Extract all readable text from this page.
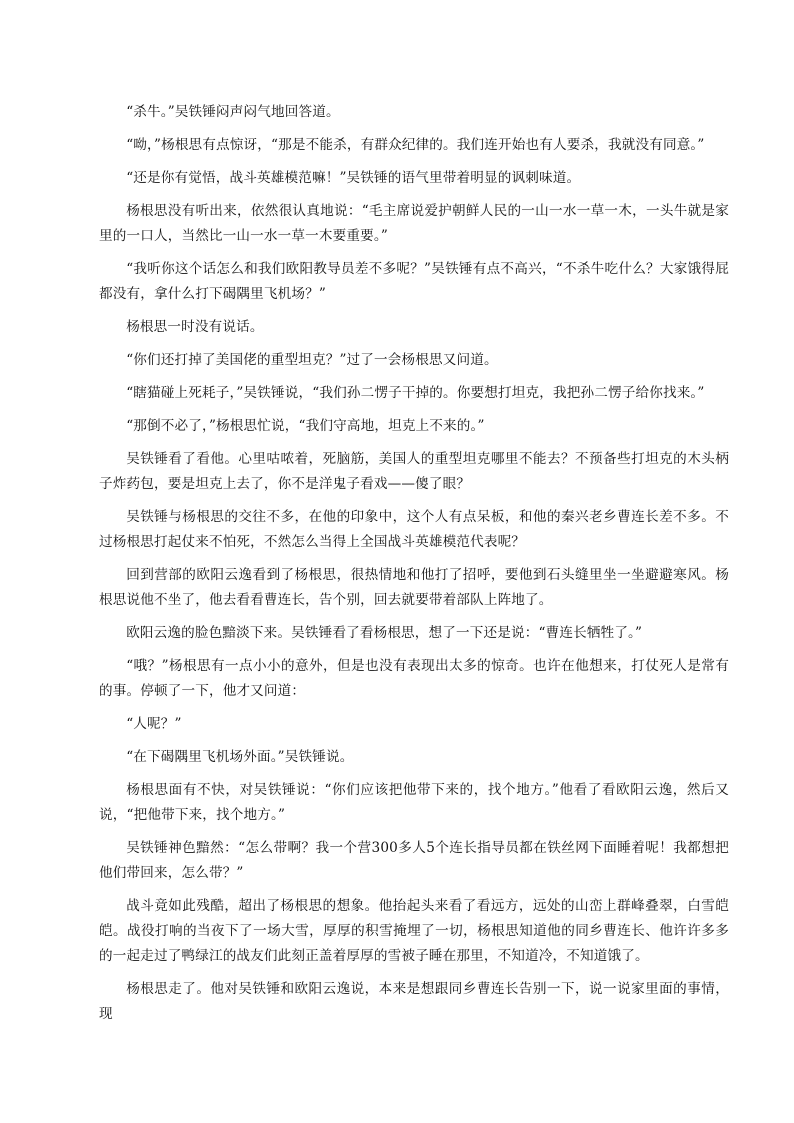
“杀牛。”吴铁锤闷声闷气地回答道。

“呦，”杨根思有点惊讶，“那是不能杀，有群众纪律的。我们连开始也有人要杀，我就没有同意。”

“还是你有觉悟，战斗英雄模范嘛！”吴铁锤的语气里带着明显的讽刺味道。

杨根思没有听出来，依然很认真地说：“毛主席说爱护朝鲜人民的一山一水一草一木，一头牛就是家里的一口人，当然比一山一水一草一木要重要。”

“我听你这个话怎么和我们欧阳教导员差不多呢？”吴铁锤有点不高兴，“不杀牛吃什么？大家饿得屁都没有，拿什么打下碣隅里飞机场？”

杨根思一时没有说话。

“你们还打掉了美国佬的重型坦克？”过了一会杨根思又问道。

“瞎猫碰上死耗子，”吴铁锤说，“我们孙二愣子干掉的。你要想打坦克，我把孙二愣子给你找来。”

“那倒不必了，”杨根思忙说，“我们守高地，坦克上不来的。”

吴铁锤看了看他。心里咕哝着，死脑筋，美国人的重型坦克哪里不能去？不预备些打坦克的木头柄子炸药包，要是坦克上去了，你不是洋鬼子看戏——傻了眼？

吴铁锤与杨根思的交往不多，在他的印象中，这个人有点呆板，和他的秦兴老乡曹连长差不多。不过杨根思打起仗来不怕死，不然怎么当得上全国战斗英雄模范代表呢？

回到营部的欧阳云逸看到了杨根思，很热情地和他打了招呼，要他到石头缝里坐一坐避避寒风。杨根思说他不坐了，他去看看曹连长，告个别，回去就要带着部队上阵地了。

欧阳云逸的脸色黯淡下来。吴铁锤看了看杨根思，想了一下还是说：“曹连长牺牲了。”

“哦？”杨根思有一点小小的意外，但是也没有表现出太多的惊奇。也许在他想来，打仗死人是常有的事。停顿了一下，他才又问道：

“人呢？”

“在下碣隅里飞机场外面。”吴铁锤说。

杨根思面有不快，对吴铁锤说：“你们应该把他带下来的，找个地方。”他看了看欧阳云逸，然后又说，“把他带下来，找个地方。”

吴铁锤神色黯然：“怎么带啊？我一个营300多人5个连长指导员都在铁丝网下面睡着呢！我都想把他们带回来，怎么带？”

战斗竟如此残酷，超出了杨根思的想象。他抬起头来看了看远方，远处的山峦上群峰叠翠，白雪皑皑。战役打响的当夜下了一场大雪，厚厚的积雪掩埋了一切，杨根思知道他的同乡曹连长、他许许多多的一起走过了鸭绿江的战友们此刻正盖着厚厚的雪被子睡在那里，不知道冷，不知道饿了。

杨根思走了。他对吴铁锤和欧阳云逸说，本来是想跟同乡曹连长告别一下，说一说家里面的事情，现
